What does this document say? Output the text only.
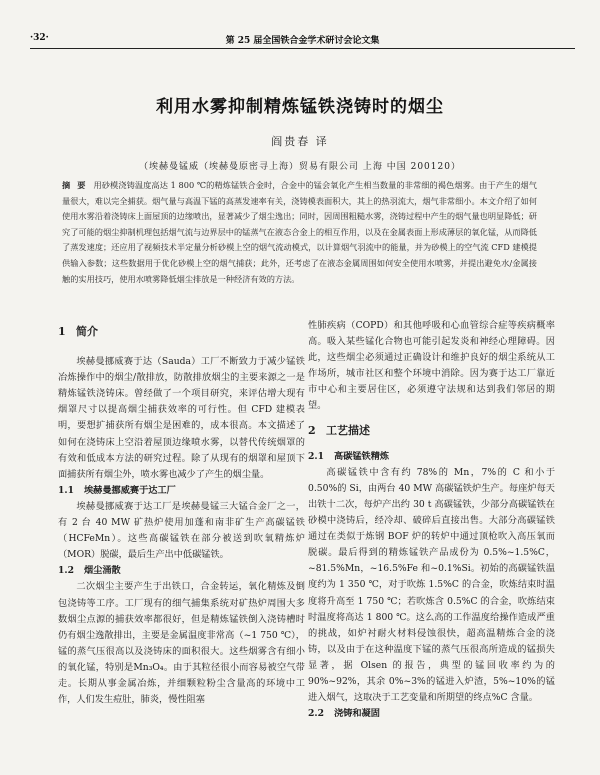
·32·	第 25 届全国铁合金学术研讨会论文集
利用水雾抑制精炼锰铁浇铸时的烟尘
阎贵春 译
（埃赫曼锰威（埃赫曼原密寻上海）贸易有限公司 上海 中国 200120）
摘 要 用砂模浇铸温度高达 1 800 ℃的精炼锰铁合金时，合金中的锰会氧化产生相当数量的非常细的褐色烟雾。由于产生的烟气量很大，难以完全捕获。烟气量与高温下锰的高蒸发速率有关，浇铸模表面积大，其上的热羽流大，烟气非常细小。本文介绍了如何使用水雾沿着浇铸床上面屋顶的边缘喷出，显著减少了烟尘逸出；同时，因周围粗糙水雾，浇铸过程中产生的烟气量也明显降低；研究了可能的烟尘抑制机理包括烟气流与边界层中的锰蒸气在液态合金上的相互作用，以及在金属表面上形成薄层的氧化锰，从而降低了蒸发速度；还应用了视频技术半定量分析砂模上空的烟气流动模式，以计算烟气羽流中的能量，并为砂模上的空气流 CFD 建模提供输入参数；这些数据用于优化砂模上空的烟气捕获；此外，还考虑了在液态金属周围如何安全使用水喷雾，并提出避免水/金属接触的实用技巧，使用水喷雾降低烟尘排放是一种经济有效的方法。
1 简介

埃赫曼挪威赛于达（Sauda）工厂不断致力于减少锰铁冶炼操作中的烟尘/散排放，防散排放烟尘的主要来源之一是精炼锰铁浇铸床。曾经做了一个项目研究，来评估增大现有烟罩尺寸以提高烟尘捕获效率的可行性。但 CFD 建模表明，要想扩捕获所有烟尘是困难的，成本很高。本文描述了如何在浇铸床上空沿着屋顶边缘喷水雾，以替代传统烟罩的有效和低成本方法的研究过程。除了从现有的烟罩和屋顶下面捕获所有烟尘外，喷水雾也减少了产生的烟尘量。

1.1 埃赫曼挪威赛于达工厂

埃赫曼挪威赛于达工厂是埃赫曼锰三大锰合金厂之一，有 2 台 40 MW 矿热炉使用加蓬和南非矿生产高碳锰铁（HCFeMn）。这些高碳锰铁在部分被送到吹氧精炼炉（MOR）脱碳，最后生产出中低碳锰铁。

1.2 烟尘涌散

二次烟尘主要产生于出铁口，合金转运，氧化精炼及倒包浇铸等工序。工厂现有的细气捕集系统对矿热炉周围大多数烟尘点源的捕获效率都很好，但是精炼锰铁倒入浇铸槽时仍有烟尘逸散排出，主要是金属温度非常高（~1 750 ℃），锰的蒸气压很高以及浇铸床的面积很大。这些烟雾含有细小的氧化锰，特别是Mn₃O₄。由于其粒径很小而容易被空气带走。长期从事金属冶炼，并细颗粒粉尘含量高的环境中工作，人们发生痘肚，肺炎，慢性阻塞

性肺疾病（COPD）和其他呼吸和心血管综合症等疾病概率高。吸入某些锰化合物也可能引起发炎和神经心理障碍。因此，这些烟尘必须通过正确设计和维护良好的烟尘系统从工作场所，城市社区和整个环境中消除。因为赛于达工厂靠近市中心和主要居住区，必须遵守法规和达到我们邻居的期望。

2 工艺描述
2.1 高碳锰铁精炼

高碳锰铁中含有约 78%的 Mn，7%的 C 和小于 0.50%的 Si，由两台 40 MW 高碳锰铁炉生产。每座炉每天出铁十二次，每炉产出约 30 t 高碳锰铁，少部分高碳锰铁在砂模中浇铸后，经冷却、破碎后直接出售。大部分高碳锰铁通过在类似于炼钢 BOF 炉的转炉中通过顶枪吹入高压氧而脱碳。最后得到的精炼锰铁产品成份为 0.5%~1.5%C，~81.5%Mn，~16.5%Fe 和~0.1%Si。初始的高碳锰铁温度约为 1 350 ℃，对于吹炼 1.5%C 的合金，吹炼结束时温度将升高至 1 750 ℃；若吹炼含 0.5%C 的合金，吹炼结束时温度将高达 1 800 ℃。这么高的工作温度给操作造成严重的挑战，如炉衬耐火材料侵蚀很快，超高温精炼合金的浇铸，以及由于在这种温度下锰的蒸气压很高所造成的锰损失显著，据 Olsen 的报告，典型的锰回收率约为的 90%~92%，其余 0%~3%的锰进入炉渣，5%~10%的锰进入烟气，这取决于工艺变量和所期望的终点%C 含量。

2.2 浇铸和凝固
